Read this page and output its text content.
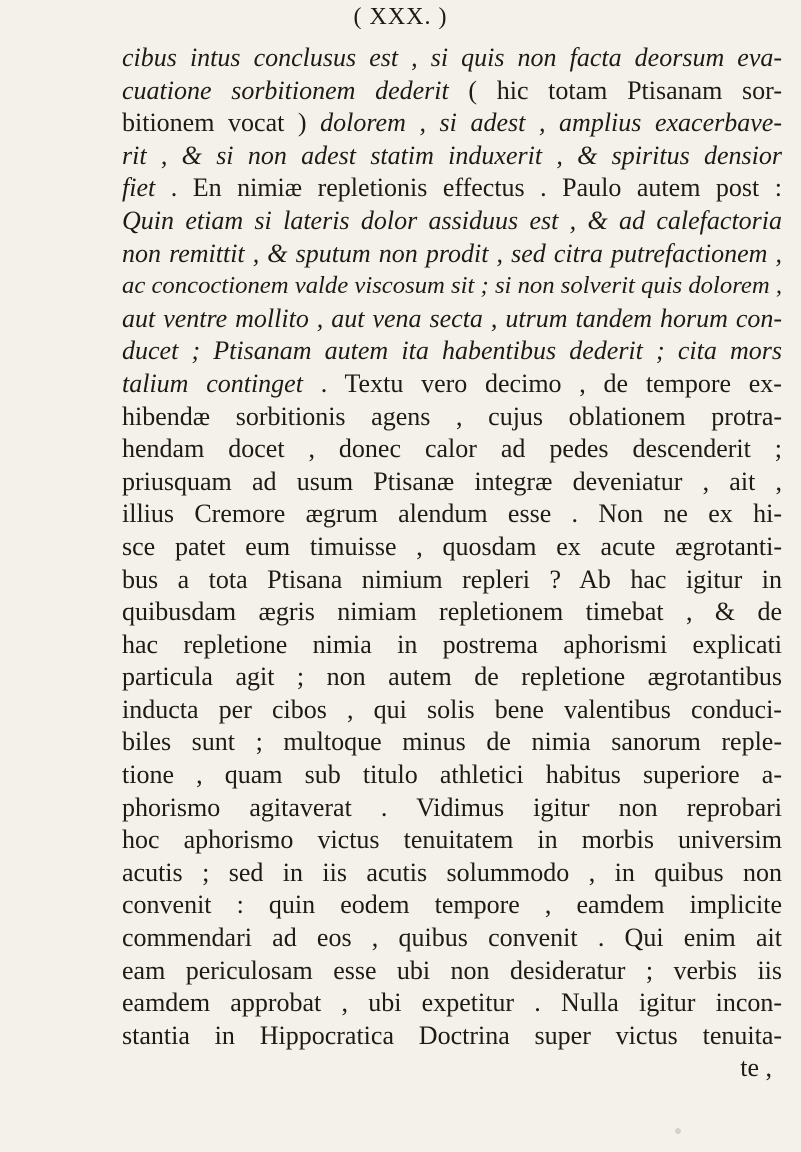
( XXX. )
cibus intus conclusus est , si quis non facta deorsum eva-
cuatione sorbitionem dederit ( hic totam Ptisanam sor-
bitionem vocat ) dolorem , si adest , amplius exacerbave-
rit , & si non adest statim induxerit , & spiritus densior
fiet . En nimiæ repletionis effectus . Paulo autem post :
Quin etiam si lateris dolor assiduus est , & ad calefactoria
non remittit , & sputum non prodit , sed citra putrefactionem ,
ac concoctionem valde viscosum sit ; si non solverit quis dolorem ,
aut ventre mollito , aut vena secta , utrum tandem horum con-
ducet ; Ptisanam autem ita habentibus dederit ; cita mors
talium continget . Textu vero decimo , de tempore ex-
hibendæ sorbitionis agens , cujus oblationem protra-
hendam docet , donec calor ad pedes descenderit ;
priusquam ad usum Ptisanæ integræ deveniatur , ait ,
illius Cremore ægrum alendum esse . Non ne ex hi-
sce patet eum timuisse , quosdam ex acute ægrotanti-
bus a tota Ptisana nimium repleri ? Ab hac igitur in
quibusdam ægris nimiam repletionem timebat , & de
hac repletione nimia in postrema aphorismi explicati
particula agit ; non autem de repletione ægrotantibus
inducta per cibos , qui solis bene valentibus conduci-
biles sunt ; multoque minus de nimia sanorum reple-
tione , quam sub titulo athletici habitus superiore a-
phorismo agitaverat . Vidimus igitur non reprobari
hoc aphorismo victus tenuitatem in morbis universim
acutis ; sed in iis acutis solummodo , in quibus non
convenit : quin eodem tempore , eamdem implicite
commendari ad eos , quibus convenit . Qui enim ait
eam periculosam esse ubi non desideratur ; verbis iis
eamdem approbat , ubi expetitur . Nulla igitur incon-
stantia in Hippocratica Doctrina super victus tenuita-
te ,
